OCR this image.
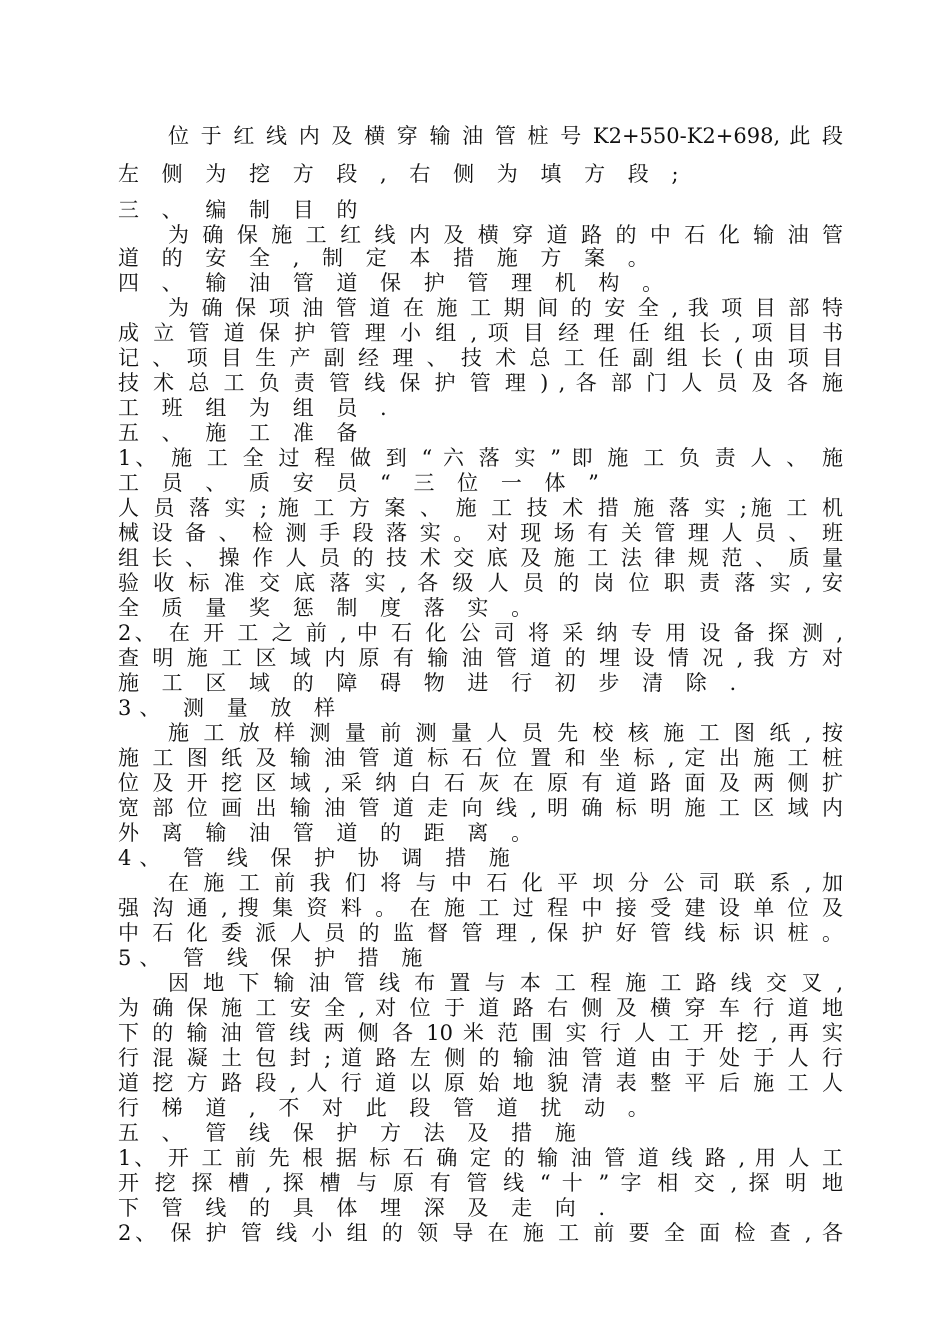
位 于 红 线 内 及 横 穿 输 油 管 桩 号 K2+550-K2+698, 此 段
左 侧 为 挖 方 段 , 右 侧 为 填 方 段 ;
三 、 编 制 目 的
为 确 保 施 工 红 线 内 及 横 穿 道 路 的 中 石 化 输 油 管
道 的 安 全 , 制 定 本 措 施 方 案 。
四 、 输 油 管 道 保 护 管 理 机 构 。
为 确 保 项 油 管 道 在 施 工 期 间 的 安 全 , 我 项 目 部 特
成 立 管 道 保 护 管 理 小 组 , 项 目 经 理 任 组 长 , 项 目 书
记 、 项 目 生 产 副 经 理 、 技 术 总 工 任 副 组 长 ( 由 项 目
技 术 总 工 负 责 管 线 保 护 管 理 ) , 各 部 门 人 员 及 各 施
工 班 组 为 组 员 .
五 、 施 工 准 备
1、 施 工 全 过 程 做 到 “ 六 落 实 ” 即 施 工 负 责 人 、 施
工 员 、 质 安 员 “ 三 位 一 体 ”
人 员 落 实 ; 施 工 方 案 、 施 工 技 术 措 施 落 实 ;施 工 机
械 设 备 、 检 测 手 段 落 实 。 对 现 场 有 关 管 理 人 员 、 班
组 长 、 操 作 人 员 的 技 术 交 底 及 施 工 法 律 规 范 、 质 量
验 收 标 准 交 底 落 实 , 各 级 人 员 的 岗 位 职 责 落 实 , 安
全 质 量 奖 惩 制 度 落 实 。
2、 在 开 工 之 前 , 中 石 化 公 司 将 采 纳 专 用 设 备 探 测 ,
查 明 施 工 区 域 内 原 有 输 油 管 道 的 埋 设 情 况 , 我 方 对
施 工 区 域 的 障 碍 物 进 行 初 步 清 除 .
3、 测 量 放 样
施 工 放 样 测 量 前 测 量 人 员 先 校 核 施 工 图 纸 , 按
施 工 图 纸 及 输 油 管 道 标 石 位 置 和 坐 标 , 定 出 施 工 桩
位 及 开 挖 区 域 , 采 纳 白 石 灰 在 原 有 道 路 面 及 两 侧 扩
宽 部 位 画 出 输 油 管 道 走 向 线 , 明 确 标 明 施 工 区 域 内
外 离 输 油 管 道 的 距 离 。
4、 管 线 保 护 协 调 措 施
在 施 工 前 我 们 将 与 中 石 化 平 坝 分 公 司 联 系 , 加
强 沟 通 , 搜 集 资 料 。 在 施 工 过 程 中 接 受 建 设 单 位 及
中 石 化 委 派 人 员 的 监 督 管 理 , 保 护 好 管 线 标 识 桩 。
5、 管 线 保 护 措 施
因 地 下 输 油 管 线 布 置 与 本 工 程 施 工 路 线 交 叉 ,
为 确 保 施 工 安 全 , 对 位 于 道 路 右 侧 及 横 穿 车 行 道 地
下 的 输 油 管 线 两 侧 各 10 米 范 围 实 行 人 工 开 挖 , 再 实
行 混 凝 土 包 封 ; 道 路 左 侧 的 输 油 管 道 由 于 处 于 人 行
道 挖 方 路 段 , 人 行 道 以 原 始 地 貌 清 表 整 平 后 施 工 人
行 梯 道 , 不 对 此 段 管 道 扰 动 。
五 、 管 线 保 护 方 法 及 措 施
1、 开 工 前 先 根 据 标 石 确 定 的 输 油 管 道 线 路 , 用 人 工
开 挖 探 槽 , 探 槽 与 原 有 管 线 “ 十 ” 字 相 交 , 探 明 地
下 管 线 的 具 体 埋 深 及 走 向 .
2、 保 护 管 线 小 组 的 领 导 在 施 工 前 要 全 面 检 查 , 各
